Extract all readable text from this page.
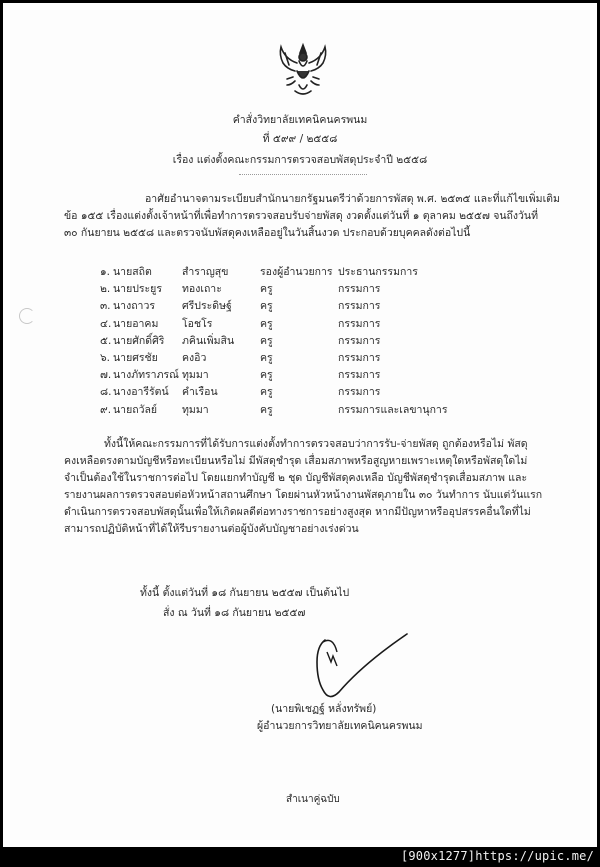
คำสั่งวิทยาลัยเทคนิคนครพนม
ที่ ๕๙๙ / ๒๕๕๘
เรื่อง แต่งตั้งคณะกรรมการตรวจสอบพัสดุประจำปี ๒๕๕๘
อาศัยอำนาจตามระเบียบสำนักนายกรัฐมนตรีว่าด้วยการพัสดุ พ.ศ. ๒๕๓๕ และที่แก้ไขเพิ่มเติม
ข้อ ๑๕๕ เรื่องแต่งตั้งเจ้าหน้าที่เพื่อทำการตรวจสอบรับจ่ายพัสดุ งวดตั้งแต่วันที่ ๑ ตุลาคม ๒๕๕๗ จนถึงวันที่
๓๐ กันยายน ๒๕๕๘ และตรวจนับพัสดุคงเหลืออยู่ในวันสิ้นงวด ประกอบด้วยบุคคลดังต่อไปนี้
๑. นายสถิต	สำราญสุข	รองผู้อำนวยการ ประธานกรรมการ
๒. นายประยูร ทองเถาะ	ครู	กรรมการ
๓. นางถาวร	ศรีประดิษฐ์	ครู	กรรมการ
๔. นายอาคม โอชโร	ครู	กรรมการ
๕. นายศักดิ์ศิริ ภคินเพิ่มสิน ครู	กรรมการ
๖. นายศรชัย คงอิว	ครู	กรรมการ
๗. นางภัทราภรณ์ ทุมมา	ครู	กรรมการ
๘. นางอารีรัตน์ คำเรือน	ครู	กรรมการ
๙. นายถวัลย์ ทุมมา	ครู	กรรมการและเลขานุการ
ทั้งนี้ให้คณะกรรมการที่ได้รับการแต่งตั้งทำการตรวจสอบว่าการรับ-จ่ายพัสดุ ถูกต้องหรือไม่ พัสดุ
คงเหลือตรงตามบัญชีหรือทะเบียนหรือไม่ มีพัสดุชำรุด เสื่อมสภาพหรือสูญหายเพราะเหตุใดหรือพัสดุใดไม่
จำเป็นต้องใช้ในราชการต่อไป โดยแยกทำบัญชี ๒ ชุด บัญชีพัสดุคงเหลือ บัญชีพัสดุชำรุดเสื่อมสภาพ และ
รายงานผลการตรวจสอบต่อหัวหน้าสถานศึกษา โดยผ่านหัวหน้างานพัสดุภายใน ๓๐ วันทำการ นับแต่วันแรก
ดำเนินการตรวจสอบพัสดุนั้นเพื่อให้เกิดผลดีต่อทางราชการอย่างสูงสุด หากมีปัญหาหรืออุปสรรคอื่นใดที่ไม่
สามารถปฏิบัติหน้าที่ได้ให้รีบรายงานต่อผู้บังคับบัญชาอย่างเร่งด่วน
ทั้งนี้ ตั้งแต่วันที่ ๑๘ กันยายน ๒๕๕๗ เป็นต้นไป
สั่ง ณ วันที่ ๑๘ กันยายน ๒๕๕๗
(นายพิเชฏฐ์ หลั่งทรัพย์)
ผู้อำนวยการวิทยาลัยเทคนิคนครพนม
สำเนาคู่ฉบับ
[900x1277]https://upic.me/
